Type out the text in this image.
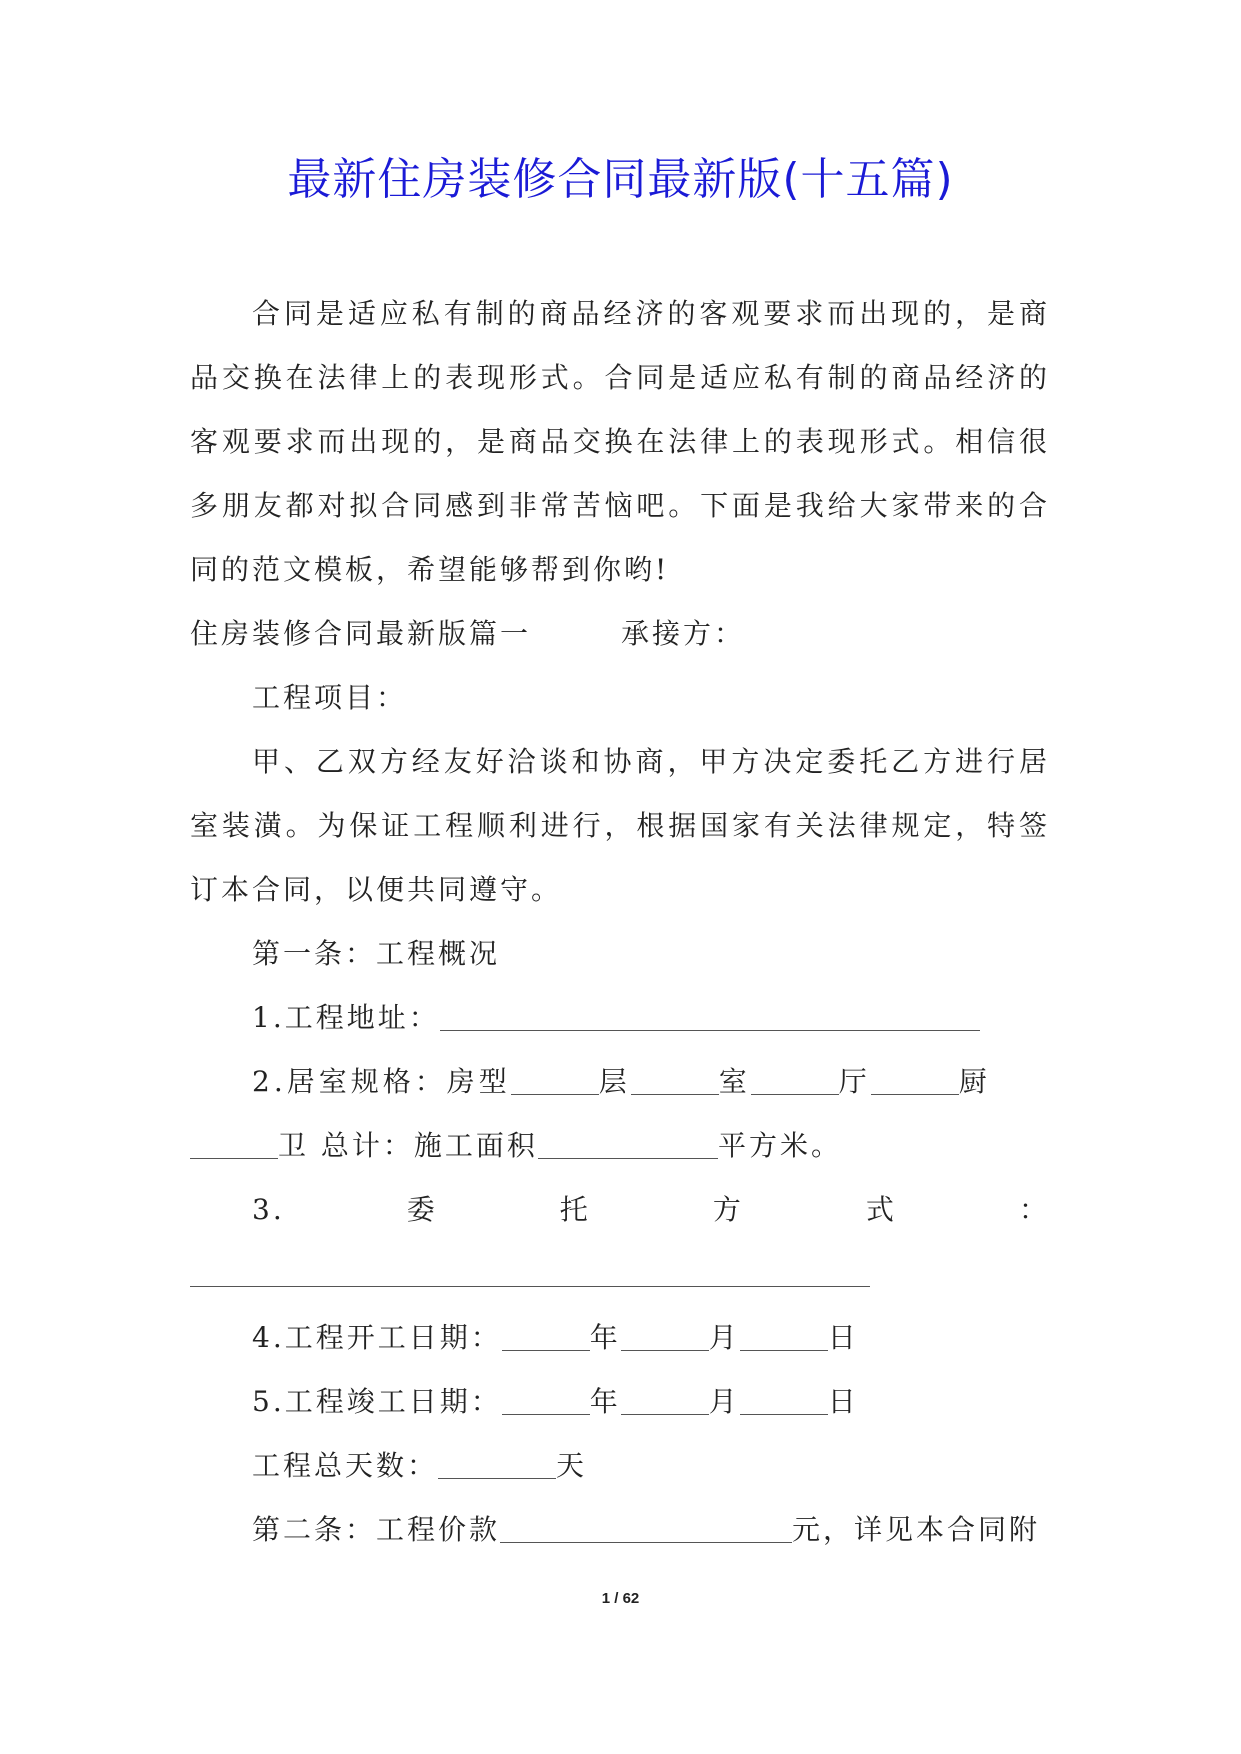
最新住房装修合同最新版(十五篇)

合同是适应私有制的商品经济的客观要求而出现的，是商品交换在法律上的表现形式。合同是适应私有制的商品经济的客观要求而出现的，是商品交换在法律上的表现形式。相信很多朋友都对拟合同感到非常苦恼吧。下面是我给大家带来的合同的范文模板，希望能够帮到你哟!

住房装修合同最新版篇一	承接方：

工程项目：

甲、乙双方经友好洽谈和协商，甲方决定委托乙方进行居室装潢。为保证工程顺利进行，根据国家有关法律规定，特签订本合同，以便共同遵守。

第一条：工程概况

1.工程地址：

2.居室规格：房型	层	室	厅	厨

卫 总计：施工面积	平方米。

3.	委	托	方	式	：

4.工程开工日期：	年	月	日

5.工程竣工日期：	年	月	日

工程总天数：	天

第二条：工程价款	元，详见本合同附

1 / 62
